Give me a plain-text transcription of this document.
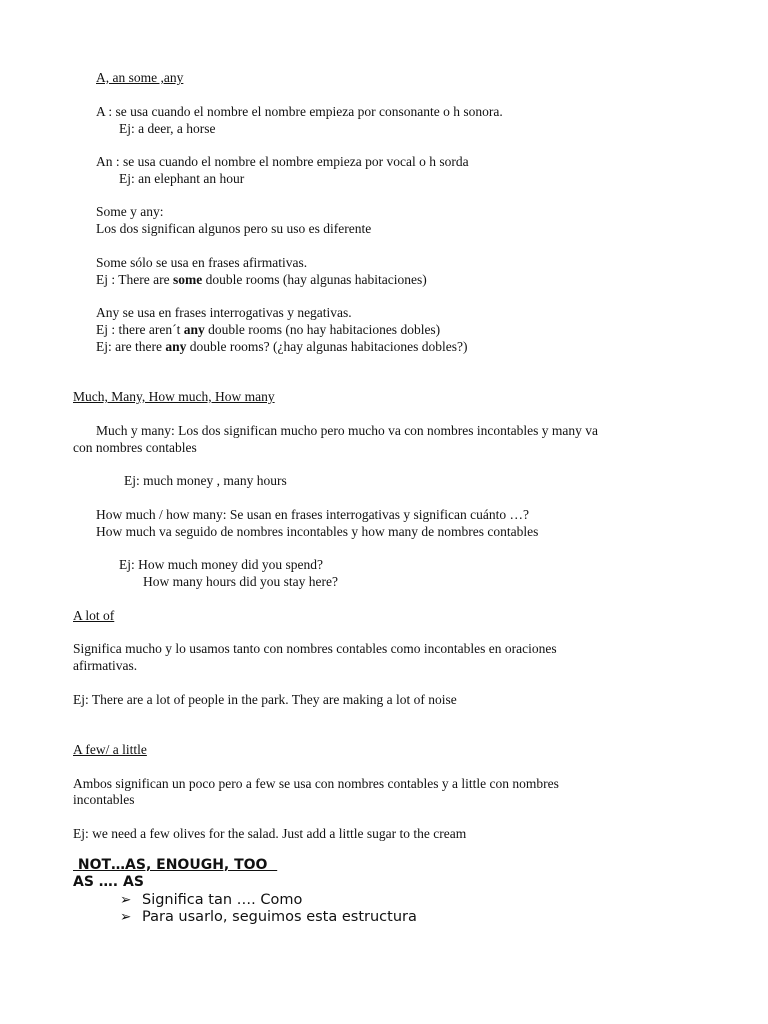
A, an some ,any
A : se usa cuando el nombre el nombre empieza por consonante o h sonora.
Ej: a deer, a horse
An : se usa cuando el nombre el nombre empieza por vocal o h sorda
Ej: an elephant an hour
Some y any:
Los dos significan algunos pero su uso es diferente
Some sólo se usa en frases afirmativas.
Ej : There are some double rooms (hay algunas habitaciones)
Any se usa en frases interrogativas y negativas.
Ej : there aren´t any double rooms (no hay habitaciones dobles)
Ej: are there any double rooms? (¿hay algunas habitaciones dobles?)
Much, Many, How much, How many
Much y many: Los dos significan mucho pero mucho va con nombres incontables y many va
con nombres contables
Ej: much money , many hours
How much / how many: Se usan en frases interrogativas y significan cuánto …?
How much va seguido de nombres incontables y how many de nombres contables
Ej: How much money did you spend?
How many hours did you stay here?
A lot of
Significa mucho y lo usamos tanto con nombres contables como incontables en oraciones
afirmativas.
Ej: There are a lot of people in the park. They are making a lot of noise
A few/ a little
Ambos significan un poco pero a few se usa con nombres contables y a little con nombres
incontables
Ej: we need a few olives for the salad. Just add a little sugar to the cream
NOT…AS, ENOUGH, TOO
AS …. AS
➢ Significa tan …. Como
➢ Para usarlo, seguimos esta estructura
